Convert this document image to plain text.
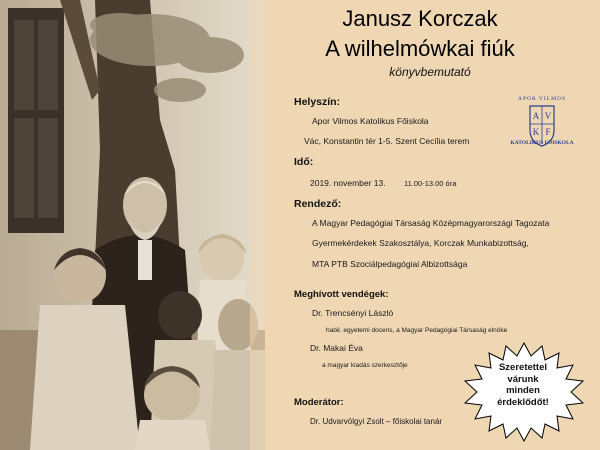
Janusz Korczak
A wilhelmówkai fiúk
könyvbemutató
APOR VILMOS
A V
K F
KATOLIKUS FŐISKOLA
Helyszín:
Apor Vilmos Katolikus Főiskola
Vác, Konstantin tér 1-5. Szent Cecília terem
Idő:
2019. november 13. 11.00-13.00 óra
Rendező:
A Magyar Pedagógiai Társaság Középmagyarországi Tagozata
Gyermekérdekek Szakosztálya, Korczak Munkabizottság,
MTA PTB Szociálpedagógiai Albizottsága
Meghívott vendégek:
Dr. Trencsényi László
habil. egyetemi docens, a Magyar Pedagógiai Társaság elnöke
Dr. Makai Éva
a magyar kiadás szerkesztője
Moderátor:
Dr. Udvarvölgyi Zsolt – főiskolai tanár
Szeretettel
várunk
minden
érdeklődőt!
